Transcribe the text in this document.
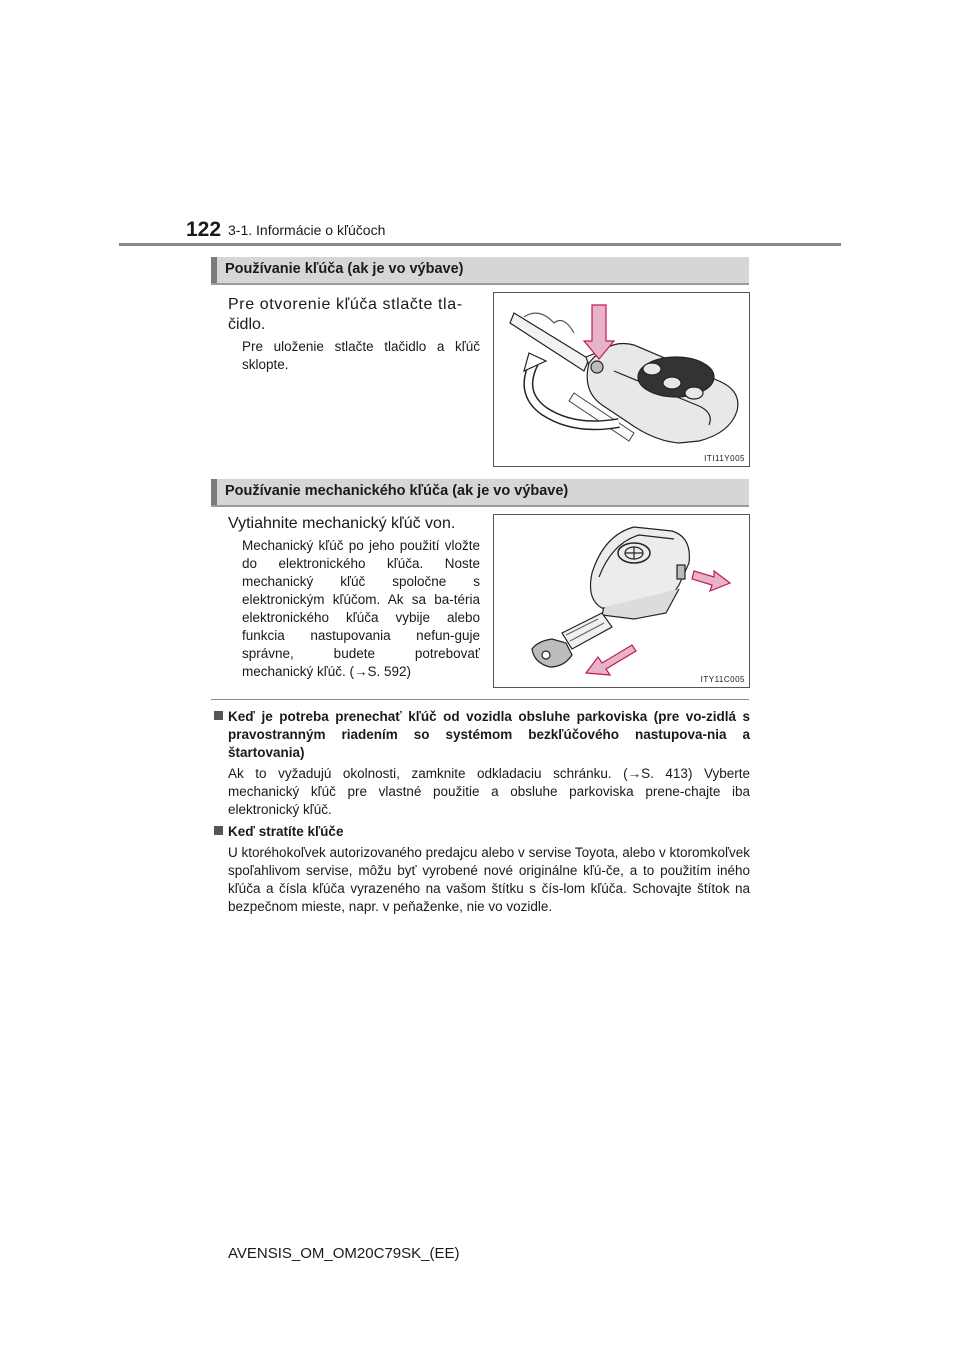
122 3-1. Informácie o kľúčoch
Používanie kľúča (ak je vo výbave)
Pre otvorenie kľúča stlačte tla-
čidlo.
Pre uloženie stlačte tlačidlo a kľúč sklopte.
ITI11Y005
Používanie mechanického kľúča (ak je vo výbave)
Vytiahnite mechanický kľúč von.
Mechanický kľúč po jeho použití vložte do elektronického kľúča. Noste mechanický kľúč spoločne s elektronickým kľúčom. Ak sa ba-téria elektronického kľúča vybije alebo funkcia nastupovania nefun-guje správne, budete potrebovať mechanický kľúč. (→S. 592)
ITY11C005
Keď je potreba prenechať kľúč od vozidla obsluhe parkoviska (pre vo-zidlá s pravostranným riadením so systémom bezkľúčového nastupova-nia a štartovania)
Ak to vyžadujú okolnosti, zamknite odkladaciu schránku. (→S. 413) Vyberte mechanický kľúč pre vlastné použitie a obsluhe parkoviska prene-chajte iba elektronický kľúč.
Keď stratíte kľúče
U ktoréhokoľvek autorizovaného predajcu alebo v servise Toyota, alebo v ktoromkoľvek spoľahlivom servise, môžu byť vyrobené nové originálne kľú-če, a to použitím iného kľúča a čísla kľúča vyrazeného na vašom štítku s čís-lom kľúča. Schovajte štítok na bezpečnom mieste, napr. v peňaženke, nie vo vozidle.
AVENSIS_OM_OM20C79SK_(EE)
